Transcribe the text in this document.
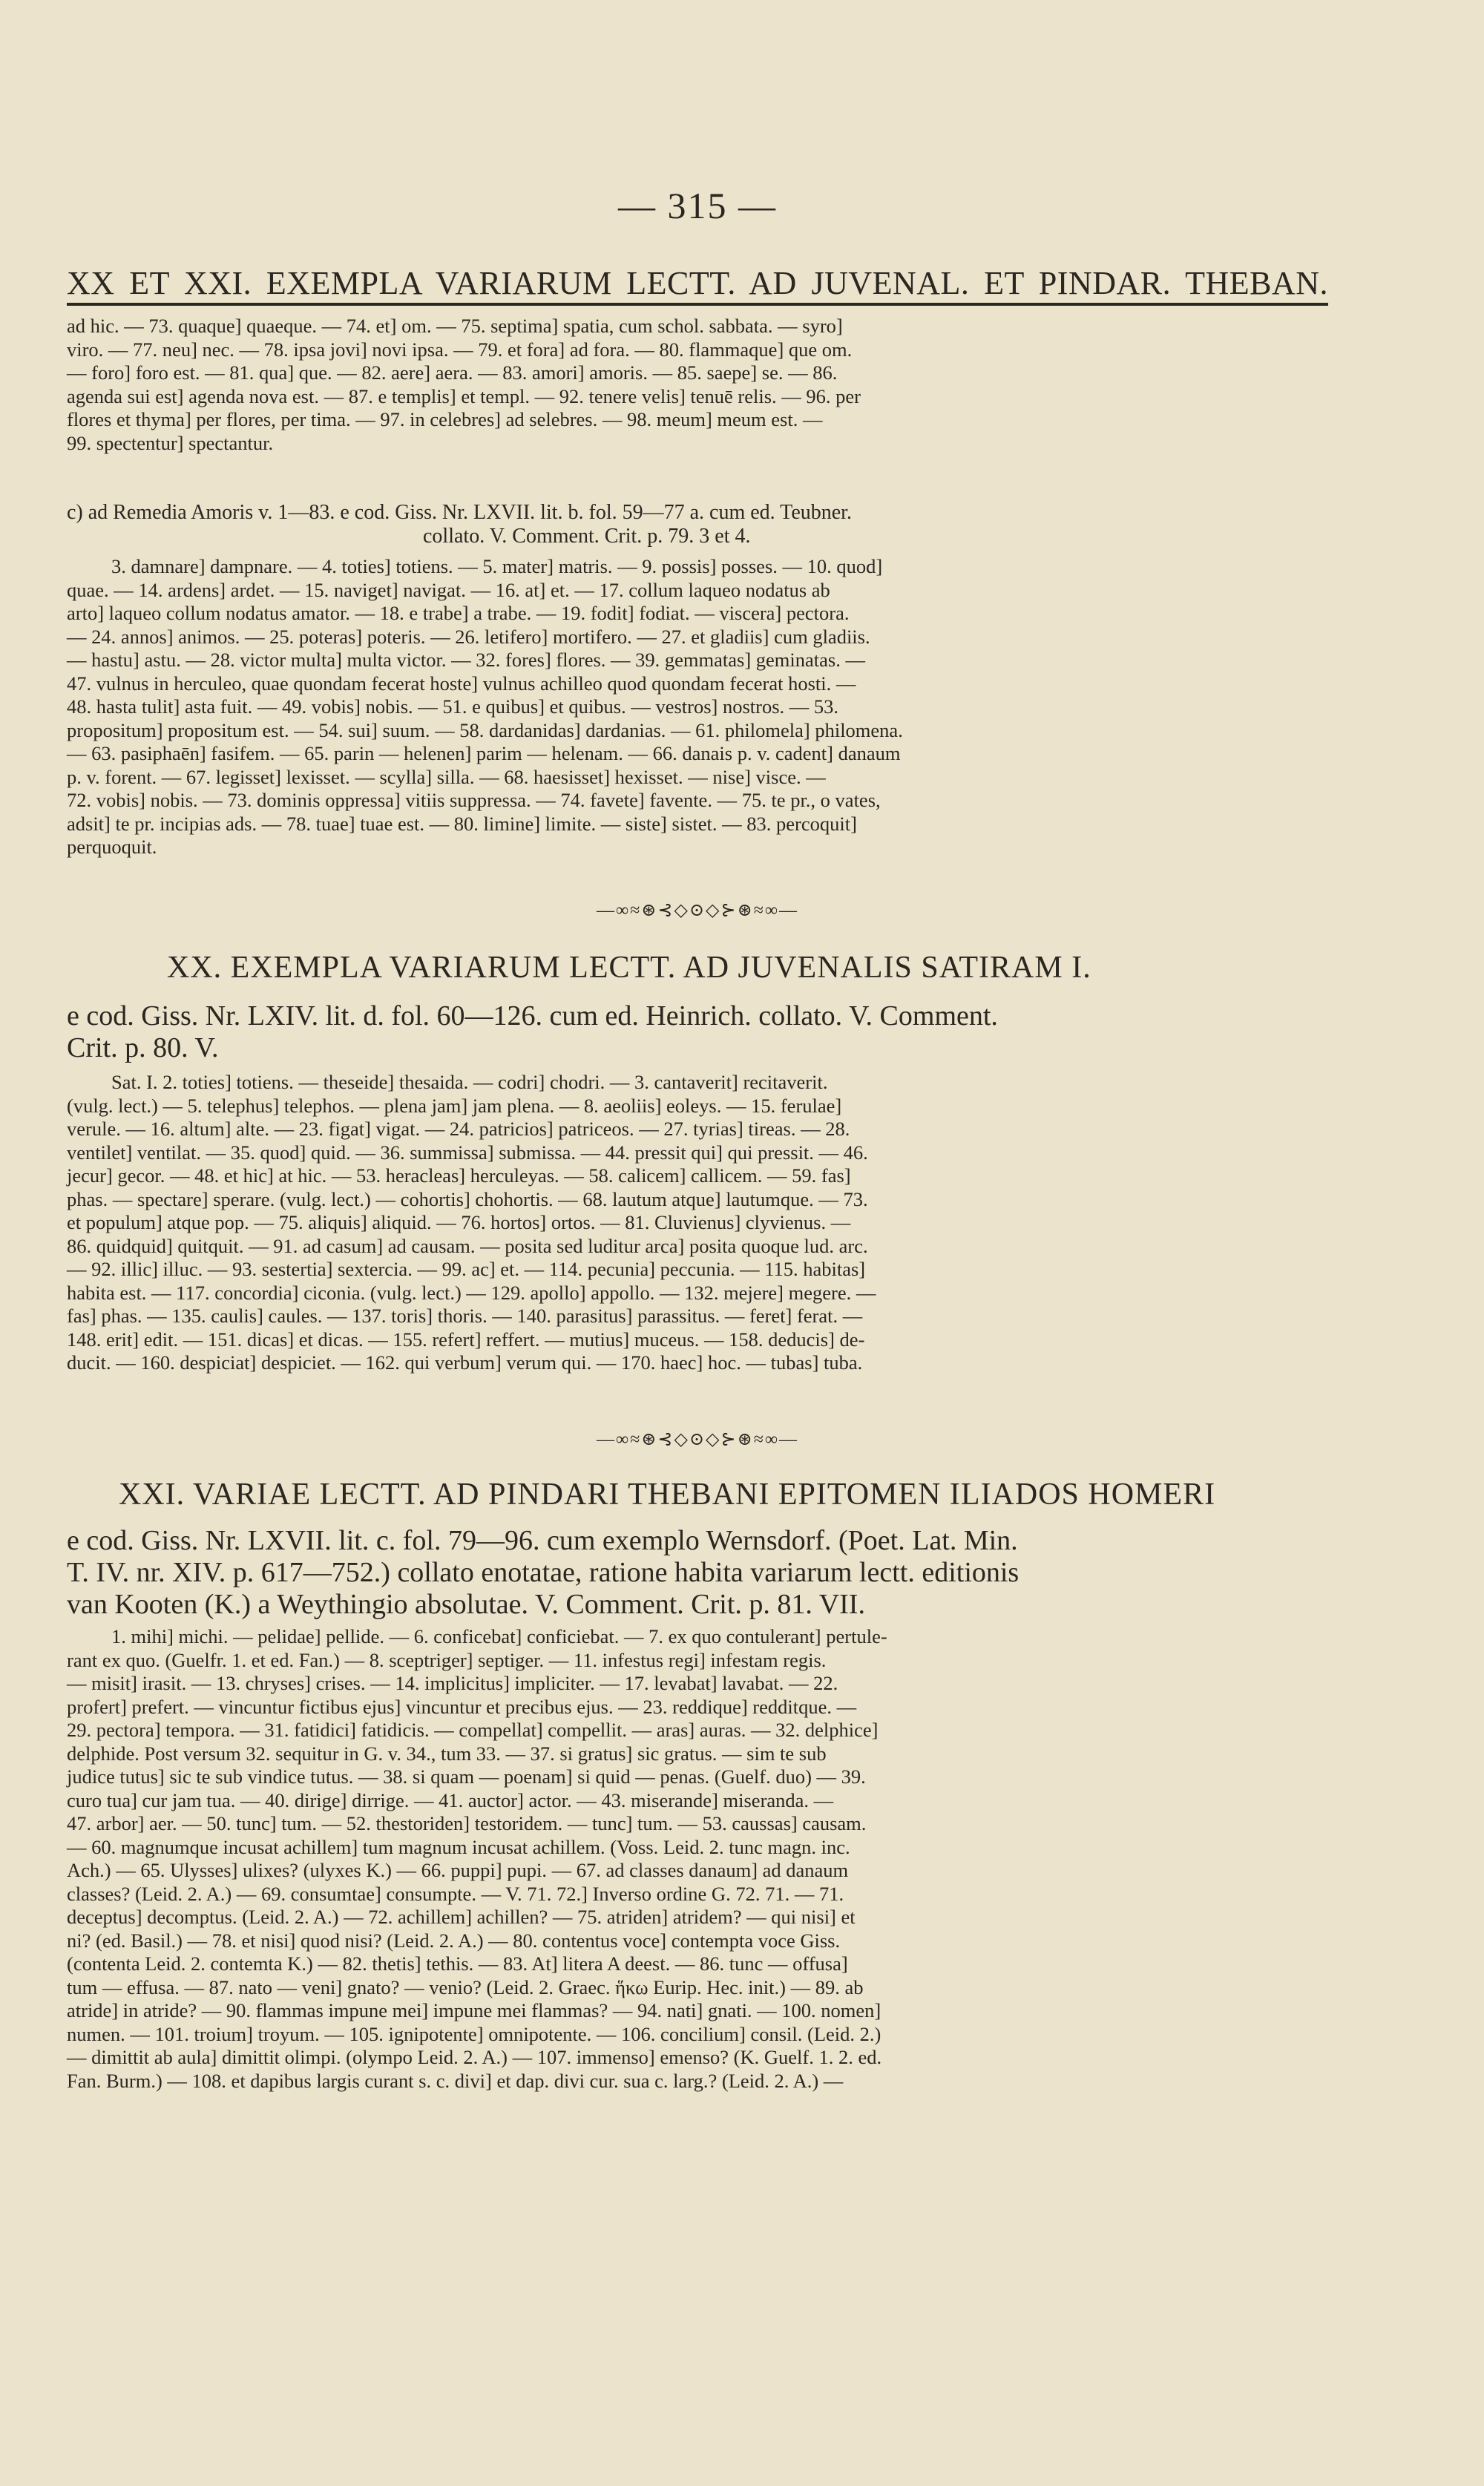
— 315 —
XX ET XXI. EXEMPLA VARIARUM LECTT. AD JUVENAL. ET PINDAR. THEBAN.

ad hic. — 73. quaque] quaeque. — 74. et] om. — 75. septima] spatia, cum schol. sabbata. — syro]

viro. — 77. neu] nec. — 78. ipsa jovi] novi ipsa. — 79. et fora] ad fora. — 80. flammaque] que om.

— foro] foro est. — 81. qua] que. — 82. aere] aera. — 83. amori] amoris. — 85. saepe] se. — 86.

agenda sui est] agenda nova est. — 87. e templis] et templ. — 92. tenere velis] tenuē relis. — 96. per

flores et thyma] per flores, per tima. — 97. in celebres] ad selebres. — 98. meum] meum est. —

99. spectentur] spectantur.

c) ad Remedia Amoris v. 1—83. e cod. Giss. Nr. LXVII. lit. b. fol. 59—77 a. cum ed. Teubner.

collato. V. Comment. Crit. p. 79. 3 et 4.

3. damnare] dampnare. — 4. toties] totiens. — 5. mater] matris. — 9. possis] posses. — 10. quod]

quae. — 14. ardens] ardet. — 15. naviget] navigat. — 16. at] et. — 17. collum laqueo nodatus ab

arto] laqueo collum nodatus amator. — 18. e trabe] a trabe. — 19. fodit] fodiat. — viscera] pectora.

— 24. annos] animos. — 25. poteras] poteris. — 26. letifero] mortifero. — 27. et gladiis] cum gladiis.

— hastu] astu. — 28. victor multa] multa victor. — 32. fores] flores. — 39. gemmatas] geminatas. —

47. vulnus in herculeo, quae quondam fecerat hoste] vulnus achilleo quod quondam fecerat hosti. —

48. hasta tulit] asta fuit. — 49. vobis] nobis. — 51. e quibus] et quibus. — vestros] nostros. — 53.

propositum] propositum est. — 54. sui] suum. — 58. dardanidas] dardanias. — 61. philomela] philomena.

— 63. pasiphaēn] fasifem. — 65. parin — helenen] parim — helenam. — 66. danais p. v. cadent] danaum

p. v. forent. — 67. legisset] lexisset. — scylla] silla. — 68. haesisset] hexisset. — nise] visce. —

72. vobis] nobis. — 73. dominis oppressa] vitiis suppressa. — 74. favete] favente. — 75. te pr., o vates,

adsit] te pr. incipias ads. — 78. tuae] tuae est. — 80. limine] limite. — siste] sistet. — 83. percoquit]

perquoquit.

—∞≈⊛⊰◇⊙◇⊱⊛≈∞—
XX. EXEMPLA VARIARUM LECTT. AD JUVENALIS SATIRAM I.

e cod. Giss. Nr. LXIV. lit. d. fol. 60—126. cum ed. Heinrich. collato. V. Comment.

Crit. p. 80. V.

Sat. I. 2. toties] totiens. — theseide] thesaida. — codri] chodri. — 3. cantaverit] recitaverit.

(vulg. lect.) — 5. telephus] telephos. — plena jam] jam plena. — 8. aeoliis] eoleys. — 15. ferulae]

verule. — 16. altum] alte. — 23. figat] vigat. — 24. patricios] patriceos. — 27. tyrias] tireas. — 28.

ventilet] ventilat. — 35. quod] quid. — 36. summissa] submissa. — 44. pressit qui] qui pressit. — 46.

jecur] gecor. — 48. et hic] at hic. — 53. heracleas] herculeyas. — 58. calicem] callicem. — 59. fas]

phas. — spectare] sperare. (vulg. lect.) — cohortis] chohortis. — 68. lautum atque] lautumque. — 73.

et populum] atque pop. — 75. aliquis] aliquid. — 76. hortos] ortos. — 81. Cluvienus] clyvienus. —

86. quidquid] quitquit. — 91. ad casum] ad causam. — posita sed luditur arca] posita quoque lud. arc.

— 92. illic] illuc. — 93. sestertia] sextercia. — 99. ac] et. — 114. pecunia] peccunia. — 115. habitas]

habita est. — 117. concordia] ciconia. (vulg. lect.) — 129. apollo] appollo. — 132. mejere] megere. —

fas] phas. — 135. caulis] caules. — 137. toris] thoris. — 140. parasitus] parassitus. — feret] ferat. —

148. erit] edit. — 151. dicas] et dicas. — 155. refert] reffert. — mutius] muceus. — 158. deducis] de-

ducit. — 160. despiciat] despiciet. — 162. qui verbum] verum qui. — 170. haec] hoc. — tubas] tuba.

—∞≈⊛⊰◇⊙◇⊱⊛≈∞—
XXI. VARIAE LECTT. AD PINDARI THEBANI EPITOMEN ILIADOS HOMERI

e cod. Giss. Nr. LXVII. lit. c. fol. 79—96. cum exemplo Wernsdorf. (Poet. Lat. Min.

T. IV. nr. XIV. p. 617—752.) collato enotatae, ratione habita variarum lectt. editionis

van Kooten (K.) a Weythingio absolutae. V. Comment. Crit. p. 81. VII.

1. mihi] michi. — pelidae] pellide. — 6. conficebat] conficiebat. — 7. ex quo contulerant] pertule-

rant ex quo. (Guelfr. 1. et ed. Fan.) — 8. sceptriger] septiger. — 11. infestus regi] infestam regis.

— misit] irasit. — 13. chryses] crises. — 14. implicitus] impliciter. — 17. levabat] lavabat. — 22.

profert] prefert. — vincuntur fictibus ejus] vincuntur et precibus ejus. — 23. reddique] redditque. —

29. pectora] tempora. — 31. fatidici] fatidicis. — compellat] compellit. — aras] auras. — 32. delphice]

delphide. Post versum 32. sequitur in G. v. 34., tum 33. — 37. si gratus] sic gratus. — sim te sub

judice tutus] sic te sub vindice tutus. — 38. si quam — poenam] si quid — penas. (Guelf. duo) — 39.

curo tua] cur jam tua. — 40. dirige] dirrige. — 41. auctor] actor. — 43. miserande] miseranda. —

47. arbor] aer. — 50. tunc] tum. — 52. thestoriden] testoridem. — tunc] tum. — 53. caussas] causam.

— 60. magnumque incusat achillem] tum magnum incusat achillem. (Voss. Leid. 2. tunc magn. inc.

Ach.) — 65. Ulysses] ulixes? (ulyxes K.) — 66. puppi] pupi. — 67. ad classes danaum] ad danaum

classes? (Leid. 2. A.) — 69. consumtae] consumpte. — V. 71. 72.] Inverso ordine G. 72. 71. — 71.

deceptus] decomptus. (Leid. 2. A.) — 72. achillem] achillen? — 75. atriden] atridem? — qui nisi] et

ni? (ed. Basil.) — 78. et nisi] quod nisi? (Leid. 2. A.) — 80. contentus voce] contempta voce Giss.

(contenta Leid. 2. contemta K.) — 82. thetis] tethis. — 83. At] litera A deest. — 86. tunc — offusa]

tum — effusa. — 87. nato — veni] gnato? — venio? (Leid. 2. Graec. ἥκω Eurip. Hec. init.) — 89. ab

atride] in atride? — 90. flammas impune mei] impune mei flammas? — 94. nati] gnati. — 100. nomen]

numen. — 101. troium] troyum. — 105. ignipotente] omnipotente. — 106. concilium] consil. (Leid. 2.)

— dimittit ab aula] dimittit olimpi. (olympo Leid. 2. A.) — 107. immenso] emenso? (K. Guelf. 1. 2. ed.

Fan. Burm.) — 108. et dapibus largis curant s. c. divi] et dap. divi cur. sua c. larg.? (Leid. 2. A.) —
